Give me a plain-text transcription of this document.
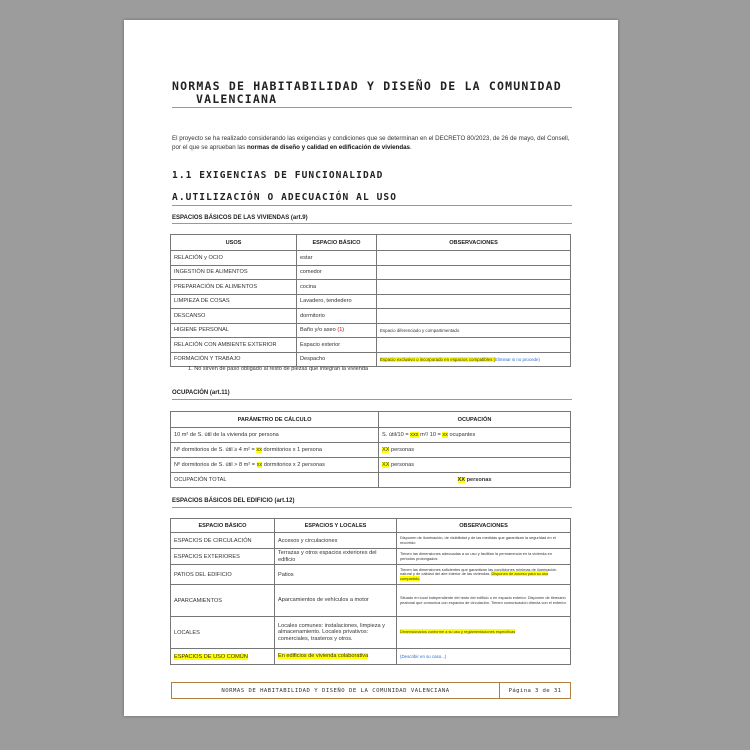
NORMAS DE HABITABILIDAD Y DISEÑO DE LA COMUNIDAD
VALENCIANA
El proyecto se ha realizado considerando las exigencias y condiciones que se determinan en el DECRETO 80/2023, de 26 de mayo, del Consell, por el que se aprueban las normas de diseño y calidad en edificación de viviendas.
1.1 EXIGENCIAS DE FUNCIONALIDAD
A.UTILIZACIÓN O ADECUACIÓN AL USO
ESPACIOS BÁSICOS DE LAS VIVIENDAS (art.9)
USOS	ESPACIO BÁSICO	OBSERVACIONES
RELACIÓN y OCIO	estar	
INGESTIÓN DE ALIMENTOS	comedor	
PREPARACIÓN DE ALIMENTOS	cocina	
LIMPIEZA DE COSAS	Lavadero, tendedero	
DESCANSO	dormitorio	
HIGIENE PERSONAL	Baño y/o aseo (1)	Espacio diferenciado y compartimentado
RELACIÓN CON AMBIENTE EXTERIOR	Espacio exterior	
FORMACIÓN Y TRABAJO	Despacho	Espacio exclusivo o incorporado en espacios compatibles (Eliminar si no procede)
1. No sirven de paso obligado al resto de piezas que integran la vivienda
OCUPACIÓN (art.11)
PARÁMETRO DE CÁLCULO	OCUPACIÓN
10 m² de S. útil de la vivienda por persona	S. útil/10 = xxx m²/ 10 = xx ocupantes
Nº dormitorios de S. útil ≥ 4 m² = xx dormitorios x 1 persona	XX personas
Nº dormitorios de S. útil > 8 m² = xx dormitorios x 2 personas	XX personas
OCUPACIÓN TOTAL	XX personas
ESPACIOS BÁSICOS DEL EDIFICIO (art.12)
ESPACIO BÁSICO	ESPACIOS Y LOCALES	OBSERVACIONES
ESPACIOS DE CIRCULACIÓN	Accesos y circulaciones	Disponen de iluminación, de visibilidad y de las medidas que garantizan la seguridad en el recorrido
ESPACIOS EXTERIORES	Terrazas y otros espacios exteriores del edificio	Tienen las dimensiones adecuadas a su uso y facilitan la permanencia en la vivienda en periodos prolongados
PATIOS DEL EDIFICIO	Patios	Tienen las dimensiones suficientes que garantizan las condiciones mínimas de iluminación natural y de calidad del aire interior de las viviendas. Disponen de acceso para su uso compartido.
APARCAMIENTOS	Aparcamientos de vehículos a motor	Situado en local independiente del resto del edificio o en espacio exterior. Disponen de itinerario peatonal que comunica con espacios de circulación. Tienen comunicación directa con el exterior.
LOCALES	Locales comunes: instalaciones, limpieza y almacenamiento. Locales privativos: comerciales, trasteros y otros.	Dimensionados conforme a su uso y reglamentaciones específicas
ESPACIOS DE USO COMÚN	En edificios de vivienda colaborativa	(Describir en su caso...)
NORMAS DE HABITABILIDAD Y DISEÑO DE LA COMUNIDAD VALENCIANA	Página 3 de 31
